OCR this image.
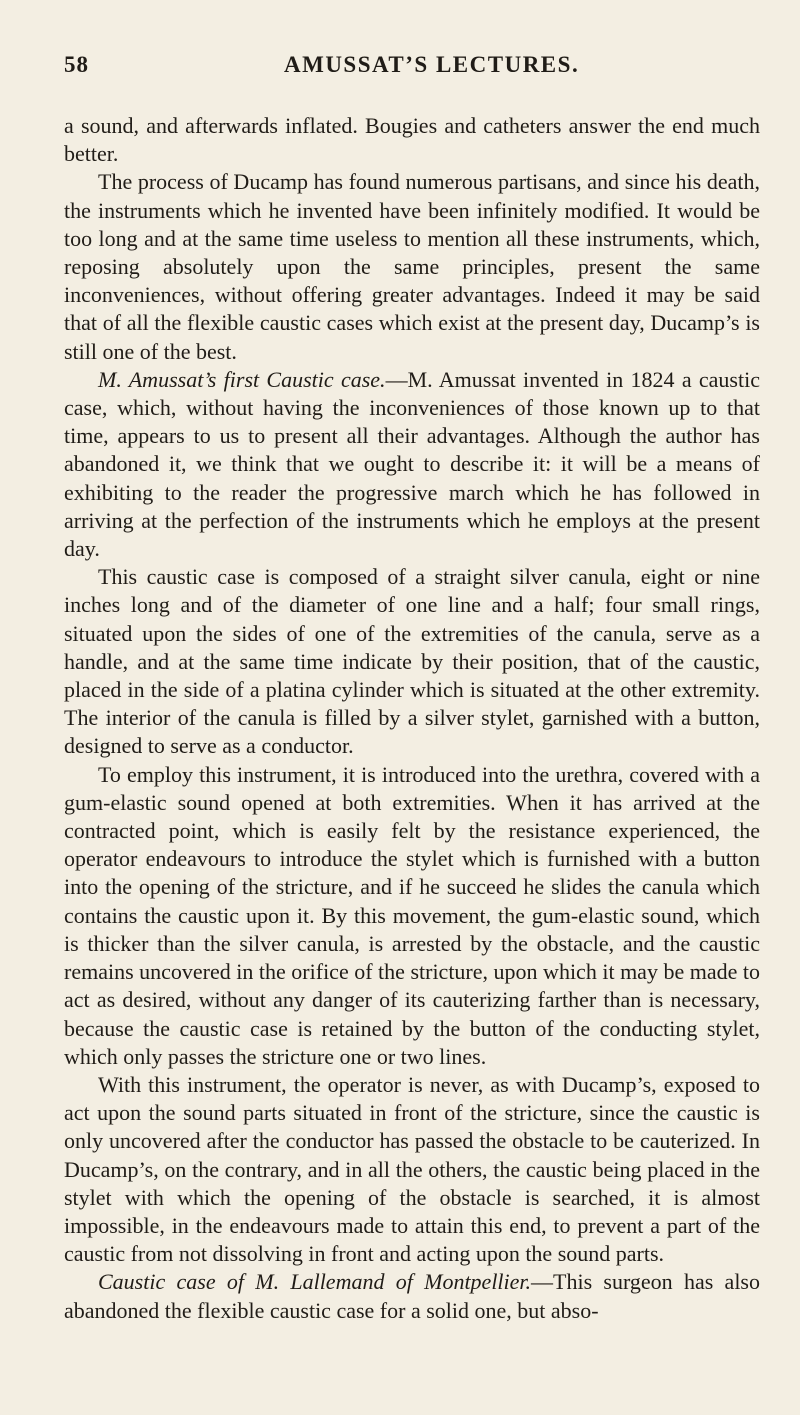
58	AMUSSAT’S LECTURES.

a sound, and afterwards inflated. Bougies and catheters answer the end much better.

The process of Ducamp has found numerous partisans, and since his death, the instruments which he invented have been infinitely modified. It would be too long and at the same time useless to mention all these instruments, which, reposing absolutely upon the same principles, present the same inconveniences, without offering greater advantages. Indeed it may be said that of all the flexible caustic cases which exist at the present day, Ducamp’s is still one of the best.

M. Amussat’s first Caustic case.—M. Amussat invented in 1824 a caustic case, which, without having the inconveniences of those known up to that time, appears to us to present all their advantages. Although the author has abandoned it, we think that we ought to describe it: it will be a means of exhibiting to the reader the progressive march which he has followed in arriving at the perfection of the instruments which he employs at the present day.

This caustic case is composed of a straight silver canula, eight or nine inches long and of the diameter of one line and a half; four small rings, situated upon the sides of one of the extremities of the canula, serve as a handle, and at the same time indicate by their position, that of the caustic, placed in the side of a platina cylinder which is situated at the other extremity. The interior of the canula is filled by a silver stylet, garnished with a button, designed to serve as a conductor.

To employ this instrument, it is introduced into the urethra, covered with a gum-elastic sound opened at both extremities. When it has arrived at the contracted point, which is easily felt by the resistance experienced, the operator endeavours to introduce the stylet which is furnished with a button into the opening of the stricture, and if he succeed he slides the canula which contains the caustic upon it. By this movement, the gum-elastic sound, which is thicker than the silver canula, is arrested by the obstacle, and the caustic remains uncovered in the orifice of the stricture, upon which it may be made to act as desired, without any danger of its cauterizing farther than is necessary, because the caustic case is retained by the button of the conducting stylet, which only passes the stricture one or two lines.

With this instrument, the operator is never, as with Ducamp’s, exposed to act upon the sound parts situated in front of the stricture, since the caustic is only uncovered after the conductor has passed the obstacle to be cauterized. In Ducamp’s, on the contrary, and in all the others, the caustic being placed in the stylet with which the opening of the obstacle is searched, it is almost impossible, in the endeavours made to attain this end, to prevent a part of the caustic from not dissolving in front and acting upon the sound parts.

Caustic case of M. Lallemand of Montpellier.—This surgeon has also abandoned the flexible caustic case for a solid one, but abso-
